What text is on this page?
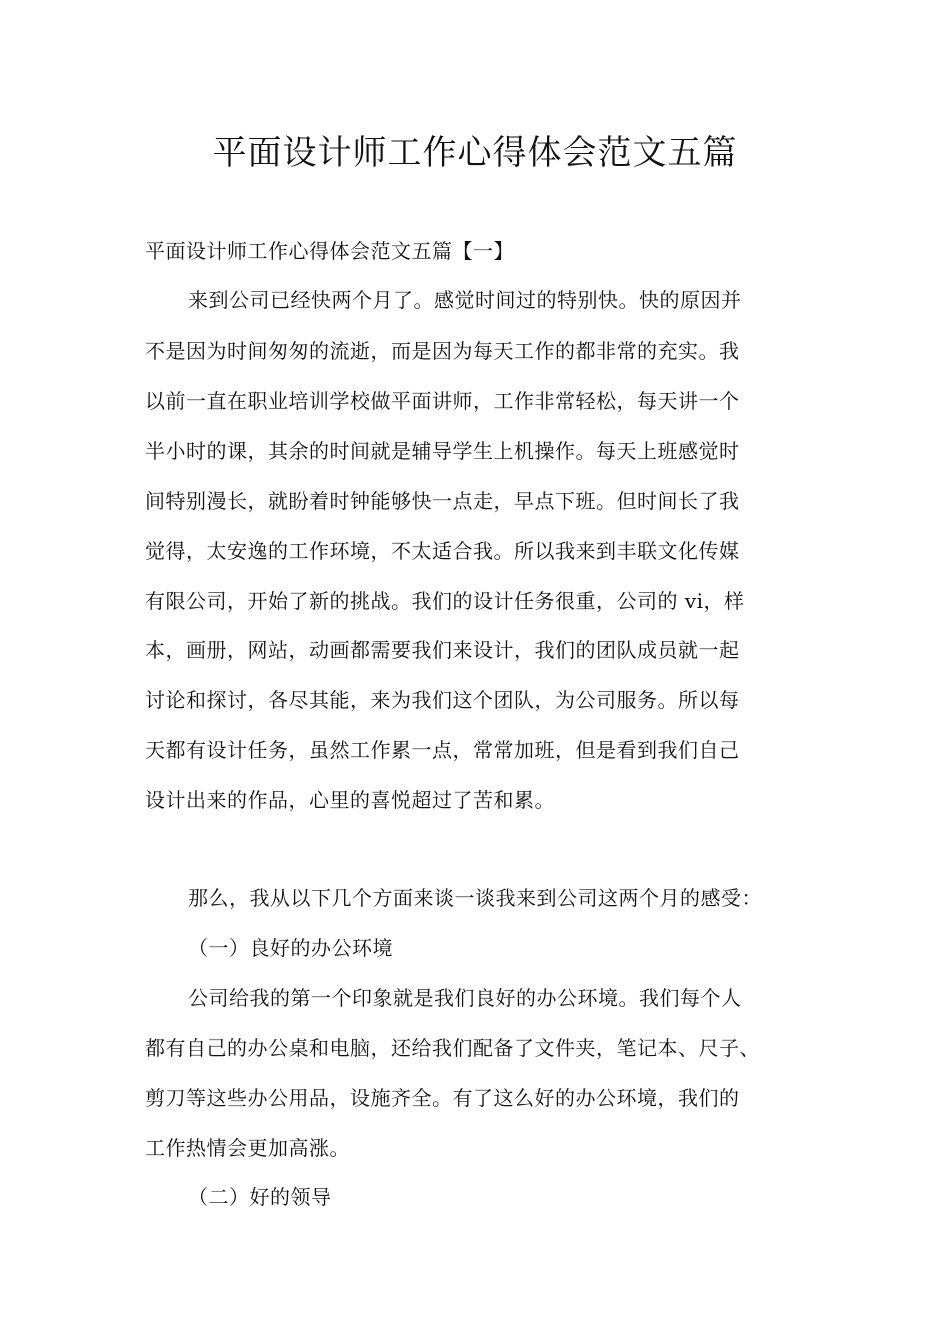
平面设计师工作心得体会范文五篇
平面设计师工作心得体会范文五篇【一】
来到公司已经快两个月了。感觉时间过的特别快。快的原因并
不是因为时间匆匆的流逝，而是因为每天工作的都非常的充实。我
以前一直在职业培训学校做平面讲师，工作非常轻松，每天讲一个
半小时的课，其余的时间就是辅导学生上机操作。每天上班感觉时
间特别漫长，就盼着时钟能够快一点走，早点下班。但时间长了我
觉得，太安逸的工作环境，不太适合我。所以我来到丰联文化传媒
有限公司，开始了新的挑战。我们的设计任务很重，公司的 vi，样
本，画册，网站，动画都需要我们来设计，我们的团队成员就一起
讨论和探讨，各尽其能，来为我们这个团队，为公司服务。所以每
天都有设计任务，虽然工作累一点，常常加班，但是看到我们自己
设计出来的作品，心里的喜悦超过了苦和累。
那么，我从以下几个方面来谈一谈我来到公司这两个月的感受：
（一）良好的办公环境
公司给我的第一个印象就是我们良好的办公环境。我们每个人
都有自己的办公桌和电脑，还给我们配备了文件夹，笔记本、尺子、
剪刀等这些办公用品，设施齐全。有了这么好的办公环境，我们的
工作热情会更加高涨。
（二）好的领导
